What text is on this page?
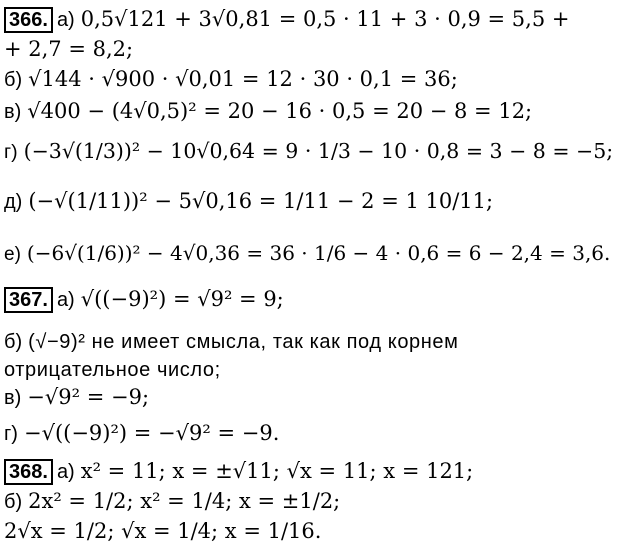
366. а) 0,5√121 + 3√0,81 = 0,5 · 11 + 3 · 0,9 = 5,5 +
+ 2,7 = 8,2;
б) √144 · √900 · √0,01 = 12 · 30 · 0,1 = 36;
в) √400 − (4√0,5)² = 20 − 16 · 0,5 = 20 − 8 = 12;
г) (−3√(1/3))² − 10√0,64 = 9 · 1/3 − 10 · 0,8 = 3 − 8 = −5;
д) (−√(1/11))² − 5√0,16 = 1/11 − 2 = 1 10/11;
е) (−6√(1/6))² − 4√0,36 = 36 · 1/6 − 4 · 0,6 = 6 − 2,4 = 3,6.
367. а) √((−9)²) = √9² = 9;
б) (√−9)² не имеет смысла, так как под корнем
отрицательное число;
в) −√9² = −9;
г) −√((−9)²) = −√9² = −9.
368. а) x² = 11; x = ±√11; √x = 11; x = 121;
б) 2x² = 1/2; x² = 1/4; x = ±1/2;
2√x = 1/2; √x = 1/4; x = 1/16.
